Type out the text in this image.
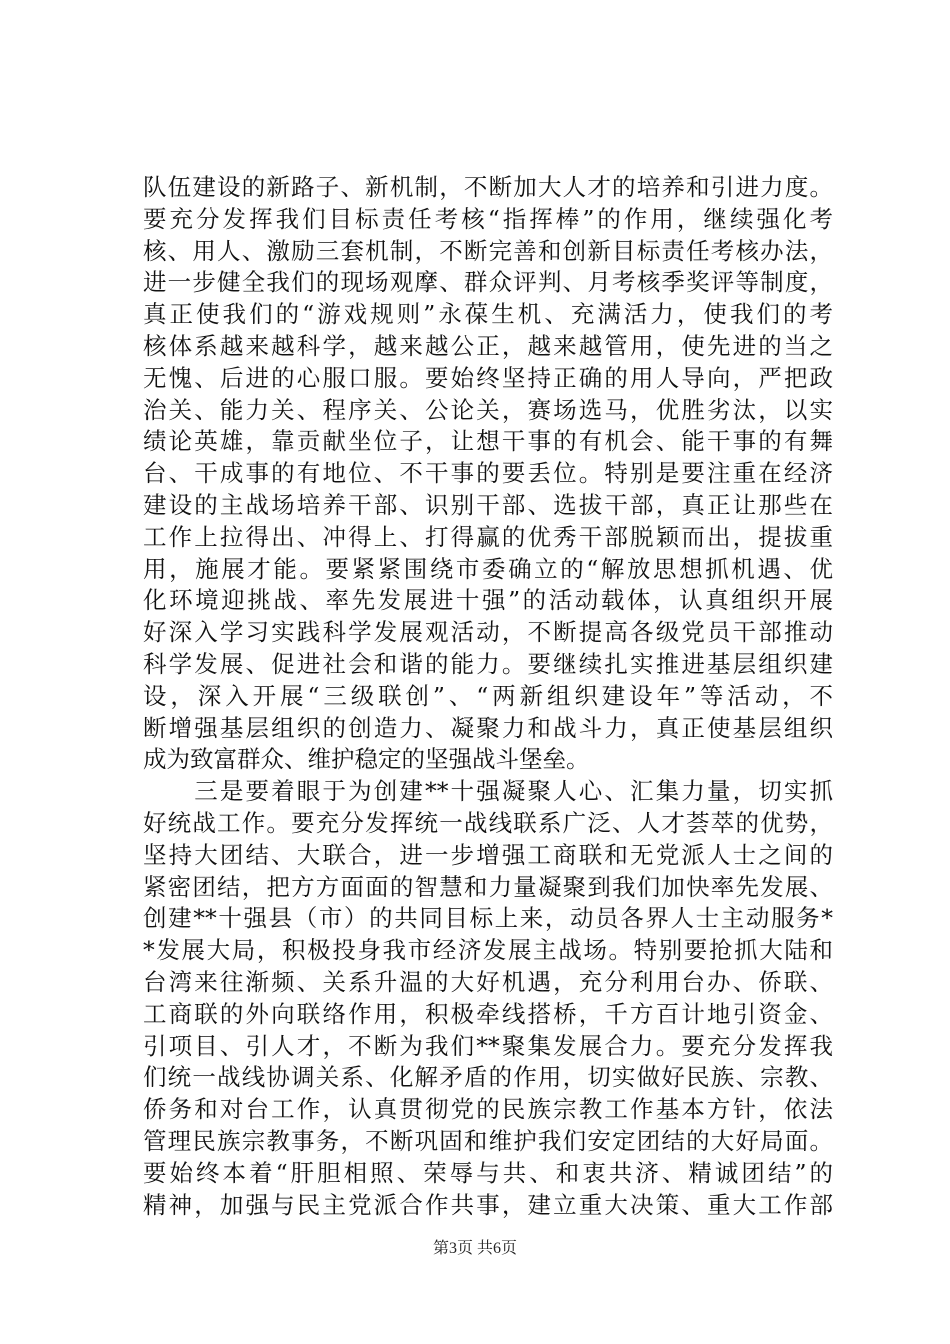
队伍建设的新路子、新机制，不断加大人才的培养和引进力度。
要充分发挥我们目标责任考核“指挥棒”的作用，继续强化考
核、用人、激励三套机制，不断完善和创新目标责任考核办法，
进一步健全我们的现场观摩、群众评判、月考核季奖评等制度，
真正使我们的“游戏规则”永葆生机、充满活力，使我们的考
核体系越来越科学，越来越公正，越来越管用，使先进的当之
无愧、后进的心服口服。要始终坚持正确的用人导向，严把政
治关、能力关、程序关、公论关，赛场选马，优胜劣汰，以实
绩论英雄，靠贡献坐位子，让想干事的有机会、能干事的有舞
台、干成事的有地位、不干事的要丢位。特别是要注重在经济
建设的主战场培养干部、识别干部、选拔干部，真正让那些在
工作上拉得出、冲得上、打得赢的优秀干部脱颖而出，提拔重
用，施展才能。要紧紧围绕市委确立的“解放思想抓机遇、优
化环境迎挑战、率先发展进十强”的活动载体，认真组织开展
好深入学习实践科学发展观活动，不断提高各级党员干部推动
科学发展、促进社会和谐的能力。要继续扎实推进基层组织建
设，深入开展“三级联创”、“两新组织建设年”等活动，不
断增强基层组织的创造力、凝聚力和战斗力，真正使基层组织
成为致富群众、维护稳定的坚强战斗堡垒。
　　三是要着眼于为创建**十强凝聚人心、汇集力量，切实抓
好统战工作。要充分发挥统一战线联系广泛、人才荟萃的优势，
坚持大团结、大联合，进一步增强工商联和无党派人士之间的
紧密团结，把方方面面的智慧和力量凝聚到我们加快率先发展、
创建**十强县（市）的共同目标上来，动员各界人士主动服务*
*发展大局，积极投身我市经济发展主战场。特别要抢抓大陆和
台湾来往渐频、关系升温的大好机遇，充分利用台办、侨联、
工商联的外向联络作用，积极牵线搭桥，千方百计地引资金、
引项目、引人才，不断为我们**聚集发展合力。要充分发挥我
们统一战线协调关系、化解矛盾的作用，切实做好民族、宗教、
侨务和对台工作，认真贯彻党的民族宗教工作基本方针，依法
管理民族宗教事务，不断巩固和维护我们安定团结的大好局面。
要始终本着“肝胆相照、荣辱与共、和衷共济、精诚团结”的
精神，加强与民主党派合作共事，建立重大决策、重大工作部
第3页 共6页
